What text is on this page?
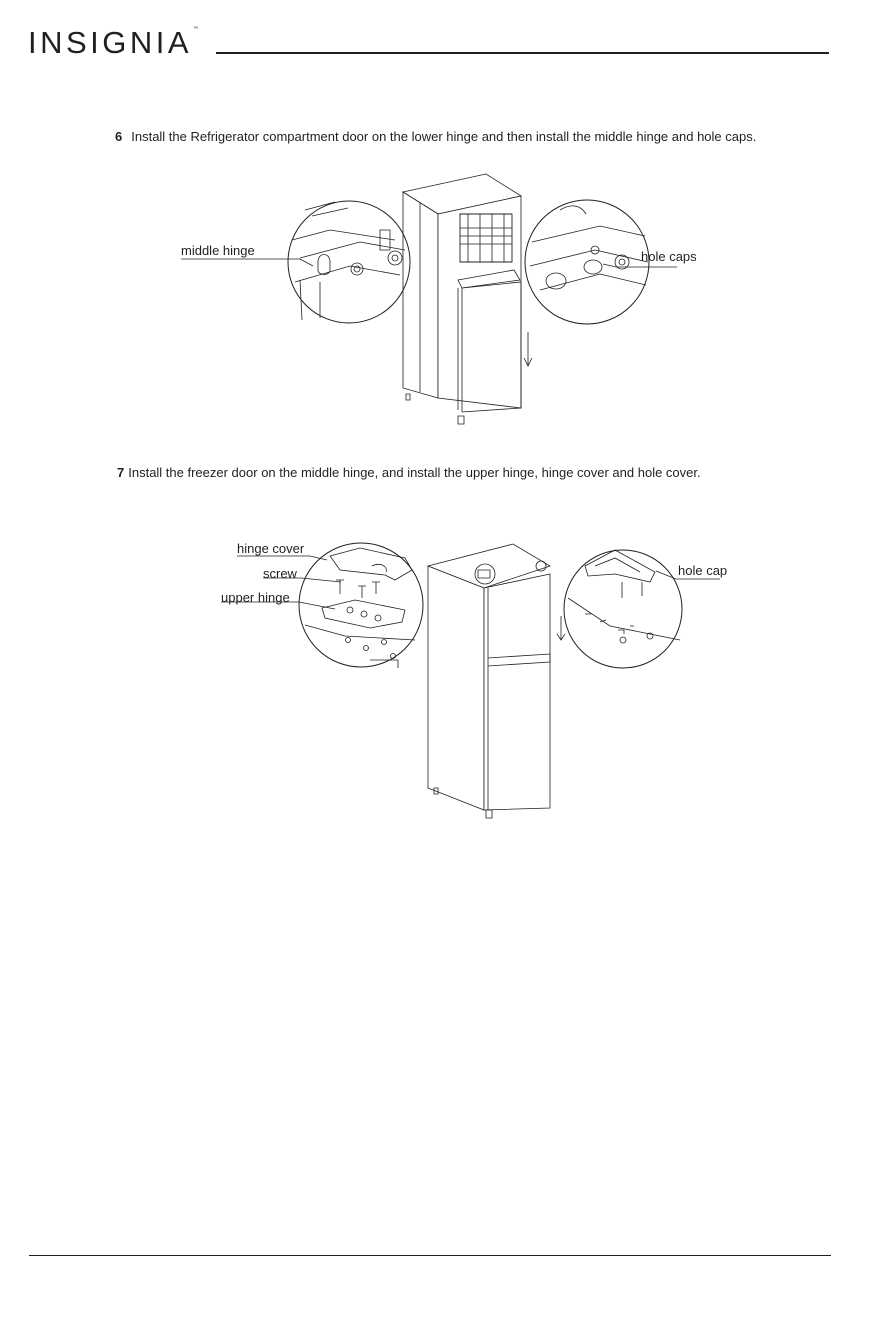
INSIGNIA™
6 Install the Refrigerator compartment door on the lower hinge and then install the middle hinge and hole caps.
middle hinge	hole caps
7 Install the freezer door on the middle hinge, and install the upper hinge, hinge cover and hole cover.
hinge cover
screw
upper hinge
hole cap
